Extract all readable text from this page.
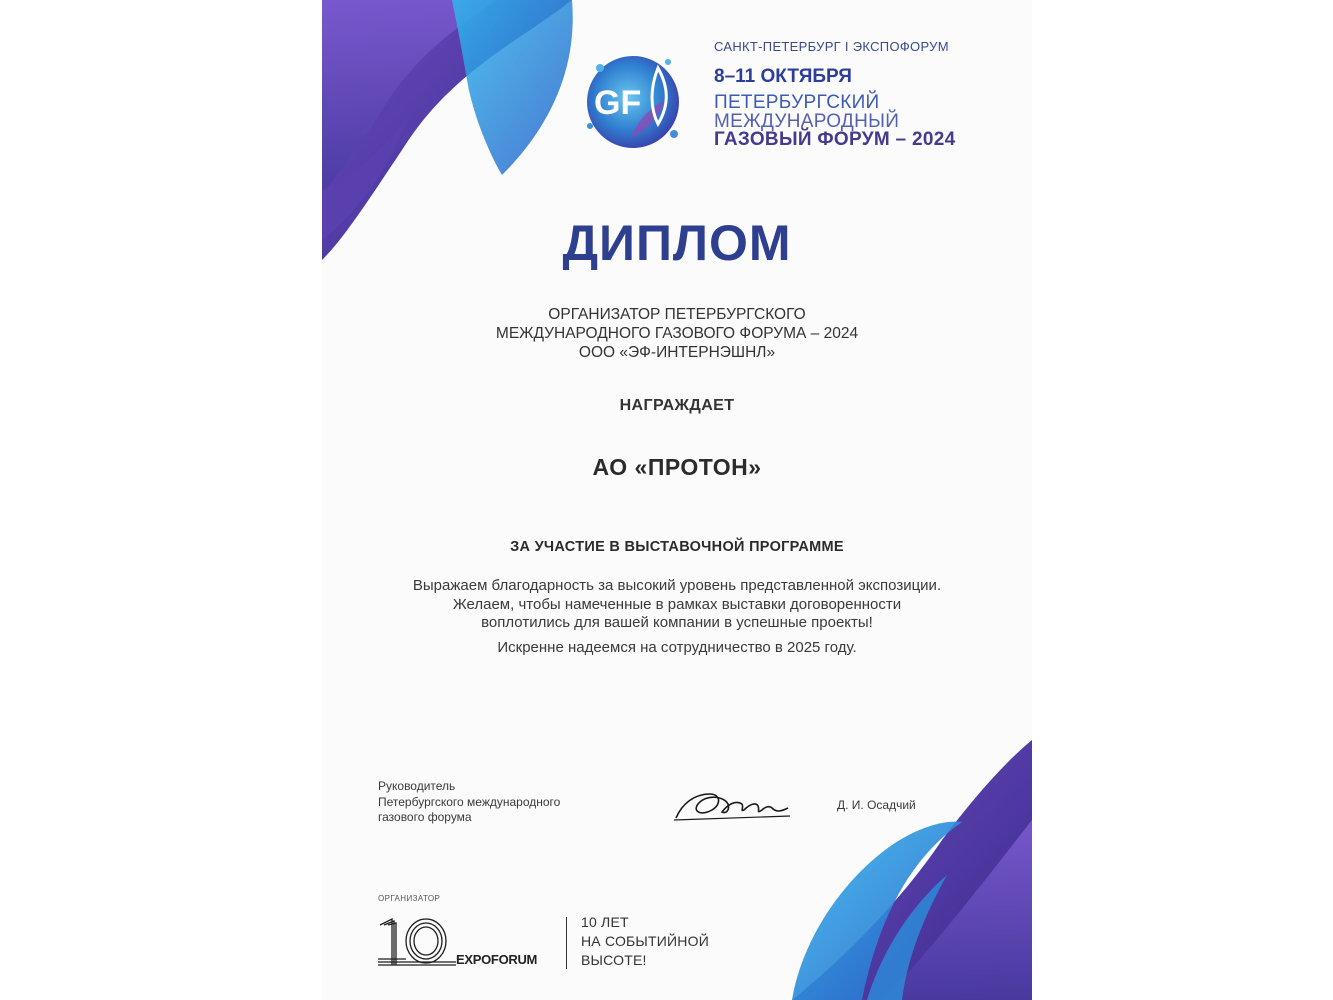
GF
САНКТ-ПЕТЕРБУРГ I ЭКСПОФОРУМ
8–11 ОКТЯБРЯ
ПЕТЕРБУРГСКИЙ
МЕЖДУНАРОДНЫЙ
ГАЗОВЫЙ ФОРУМ – 2024
ДИПЛОМ
ОРГАНИЗАТОР ПЕТЕРБУРГСКОГО
МЕЖДУНАРОДНОГО ГАЗОВОГО ФОРУМА – 2024
ООО «ЭФ-ИНТЕРНЭШНЛ»
НАГРАЖДАЕТ
АО «ПРОТОН»
ЗА УЧАСТИЕ В ВЫСТАВОЧНОЙ ПРОГРАММЕ
Выражаем благодарность за высокий уровень представленной экспозиции.
Желаем, чтобы намеченные в рамках выставки договоренности
воплотились для вашей компании в успешные проекты!
Искренне надеемся на сотрудничество в 2025 году.
Руководитель
Петербургского международного
газового форума
Д. И. Осадчий
ОРГАНИЗАТОР
10
EXPOFORUM
10 ЛЕТ
НА СОБЫТИЙНОЙ
ВЫСОТЕ!
